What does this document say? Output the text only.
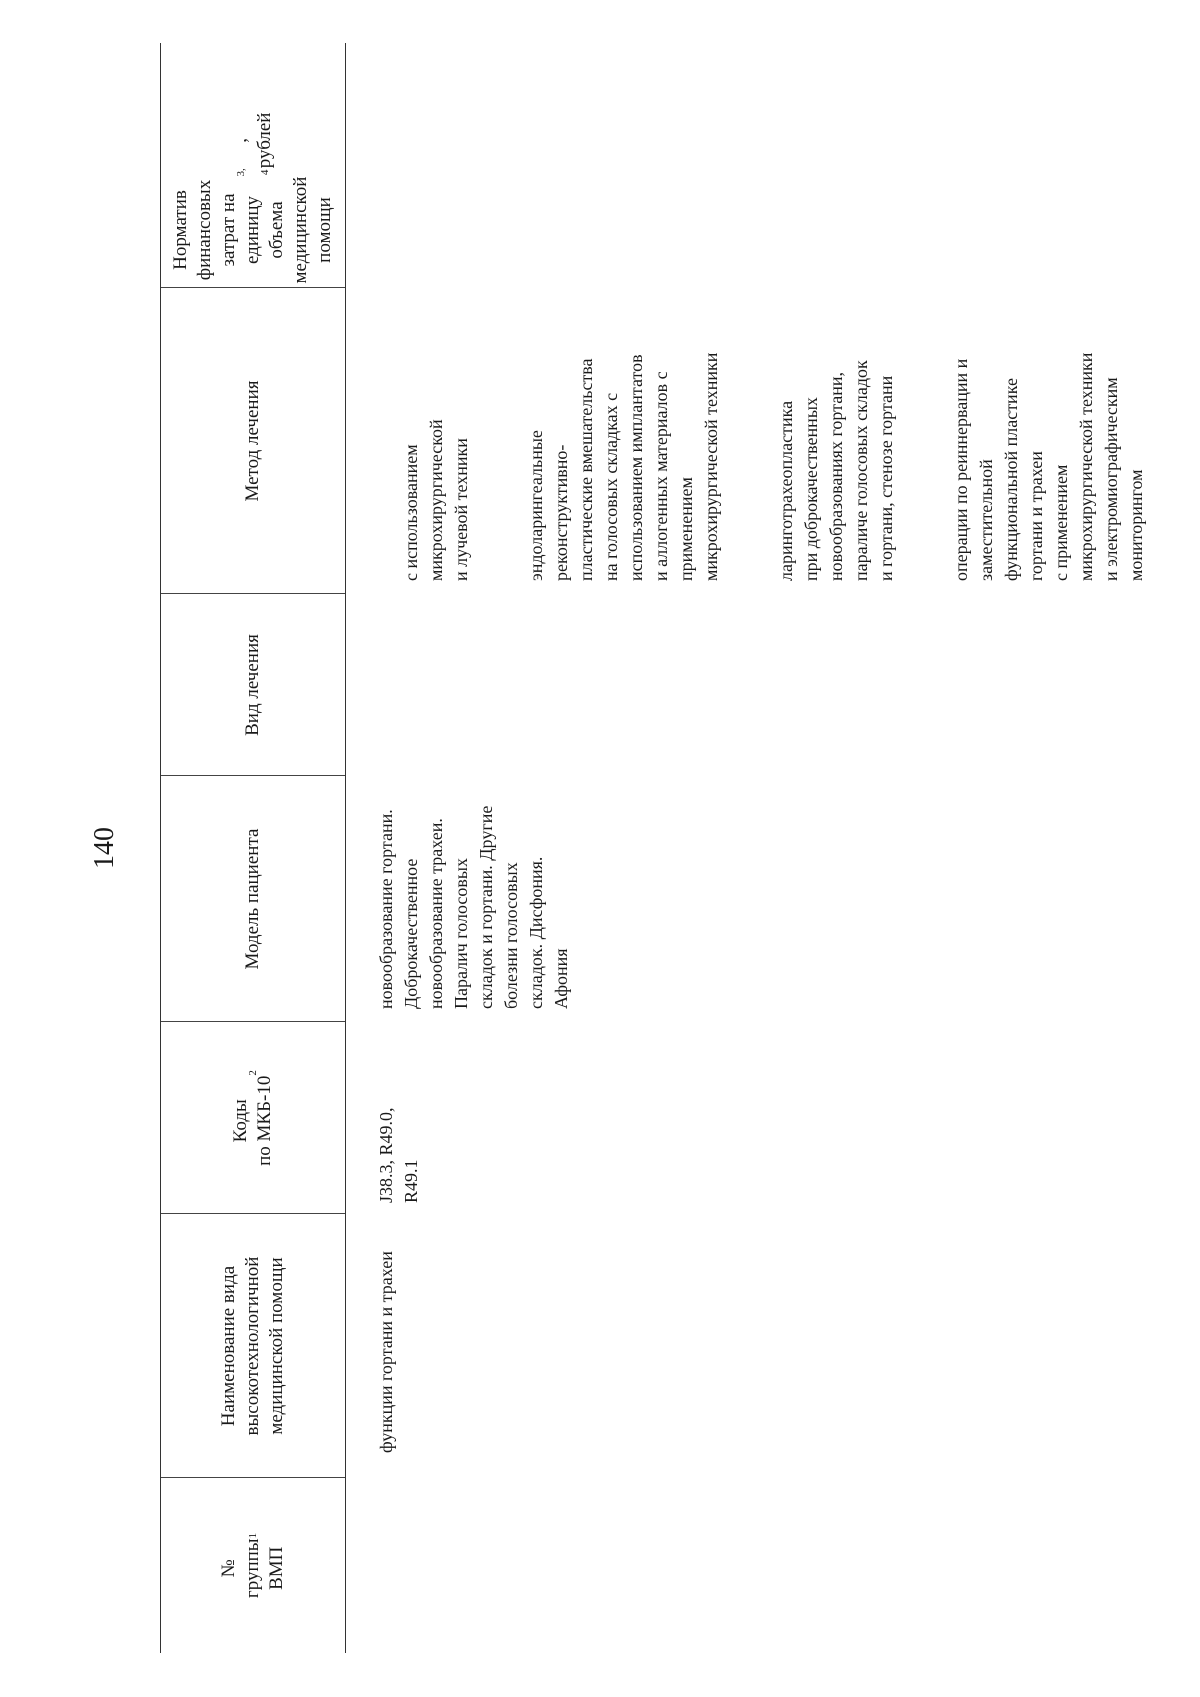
140
№
группы
ВМП
1
Наименование вида
высокотехнологичной
медицинской помощи
Коды
по МКБ-10
2
Модель пациента
Вид лечения
Метод лечения
Норматив
финансовых
затрат на
единицу объема
медицинской
помощи
3, 4
,
рублей
функции гортани и трахеи
J38.3, R49.0,
R49.1
новообразование гортани.
Доброкачественное
новообразование трахеи.
Паралич голосовых
складок и гортани. Другие
болезни голосовых
складок. Дисфония.
Афония

с использованием
микрохирургической
и лучевой техники	эндоларингеальные
реконструктивно-
пластические вмешательства
на голосовых складках с
использованием имплантатов
и аллогенных материалов с
применением
микрохирургической техники

ларинготрахеопластика
при доброкачественных
новообразованиях гортани,
параличе голосовых складок
и гортани, стенозе гортани

операции по реиннервации и
заместительной
функциональной пластике
гортани и трахеи
с применением
микрохирургической техники
и электромиографическим
мониторингом
